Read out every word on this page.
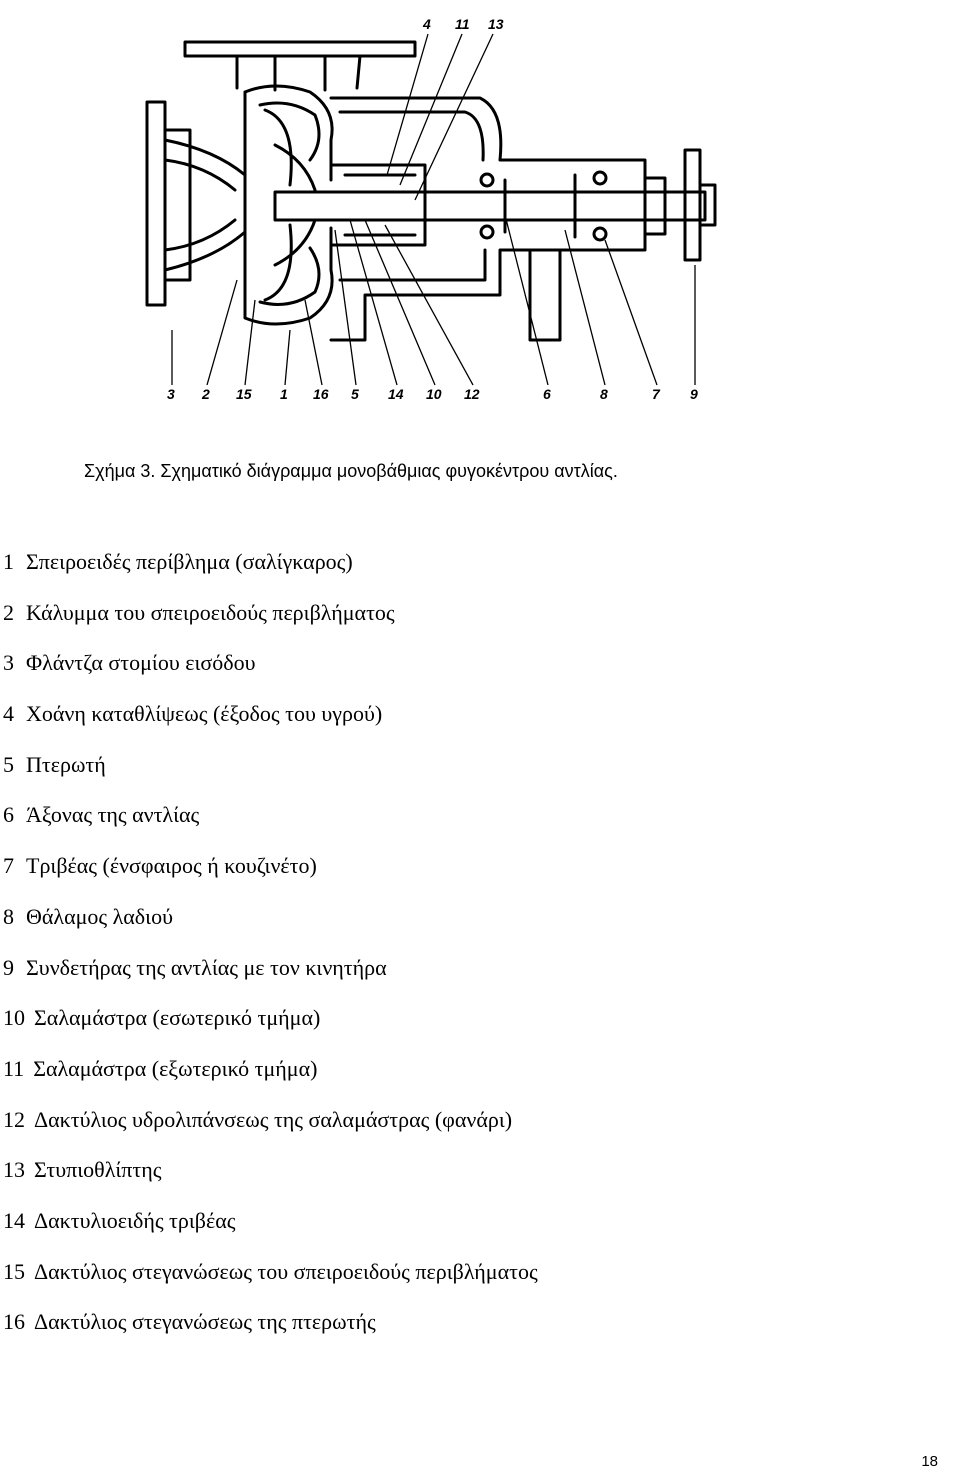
4 11 13
3 2 15 1 16 5 14 10 12	6	8	7 9
Σχήμα 3. Σχηματικό διάγραμμα μονοβάθμιας φυγοκέντρου αντλίας.
1 Σπειροειδές περίβλημα (σαλίγκαρος)
2 Κάλυμμα του σπειροειδούς περιβλήματος
3 Φλάντζα στομίου εισόδου
4 Χοάνη καταθλίψεως (έξοδος του υγρού)
5 Πτερωτή
6 Άξονας της αντλίας
7 Τριβέας (ένσφαιρος ή κουζινέτο)
8 Θάλαμος λαδιού
9 Συνδετήρας της αντλίας με τον κινητήρα
10 Σαλαμάστρα (εσωτερικό τμήμα)
11 Σαλαμάστρα (εξωτερικό τμήμα)
12 Δακτύλιος υδρολιπάνσεως της σαλαμάστρας (φανάρι)
13 Στυπιοθλίπτης
14 Δακτυλιοειδής τριβέας
15 Δακτύλιος στεγανώσεως του σπειροειδούς περιβλήματος
16 Δακτύλιος στεγανώσεως της πτερωτής
18
